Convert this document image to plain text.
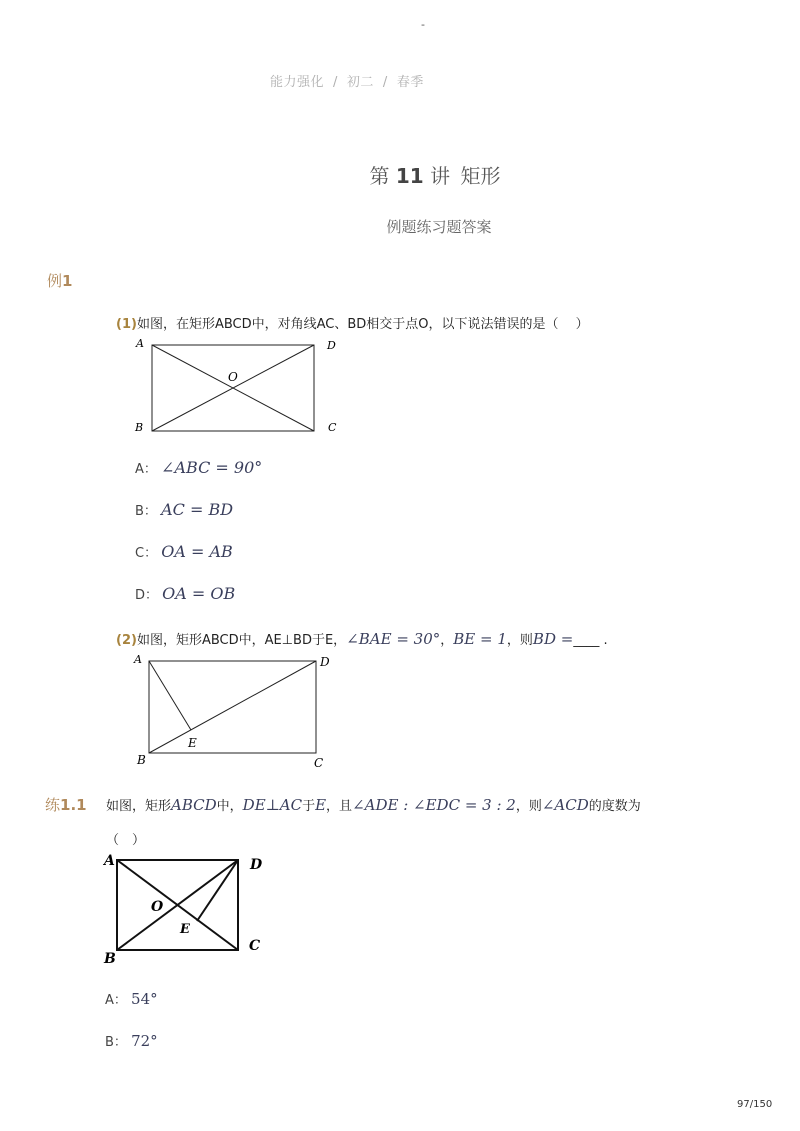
-
能力强化 / 初二 / 春季
第 11 讲 矩形
例题练习题答案
例1
(1)如图，在矩形ABCD中，对角线AC、BD相交于点O，以下说法错误的是（　 ）
A	D
B	C
O
A： ∠ABC = 90°
B： AC = BD
C： OA = AB
D： OA = OB
(2)如图，矩形ABCD中，AE⊥BD于E，∠BAE = 30°，BE = 1，则BD =____ .
A	D
B	C
E
练1.1 如图，矩形ABCD中，DE⊥AC于E，且∠ADE : ∠EDC = 3 : 2，则∠ACD的度数为
（　）
A	D
B
C
O
E
A： 54°
B： 72°
97/150
